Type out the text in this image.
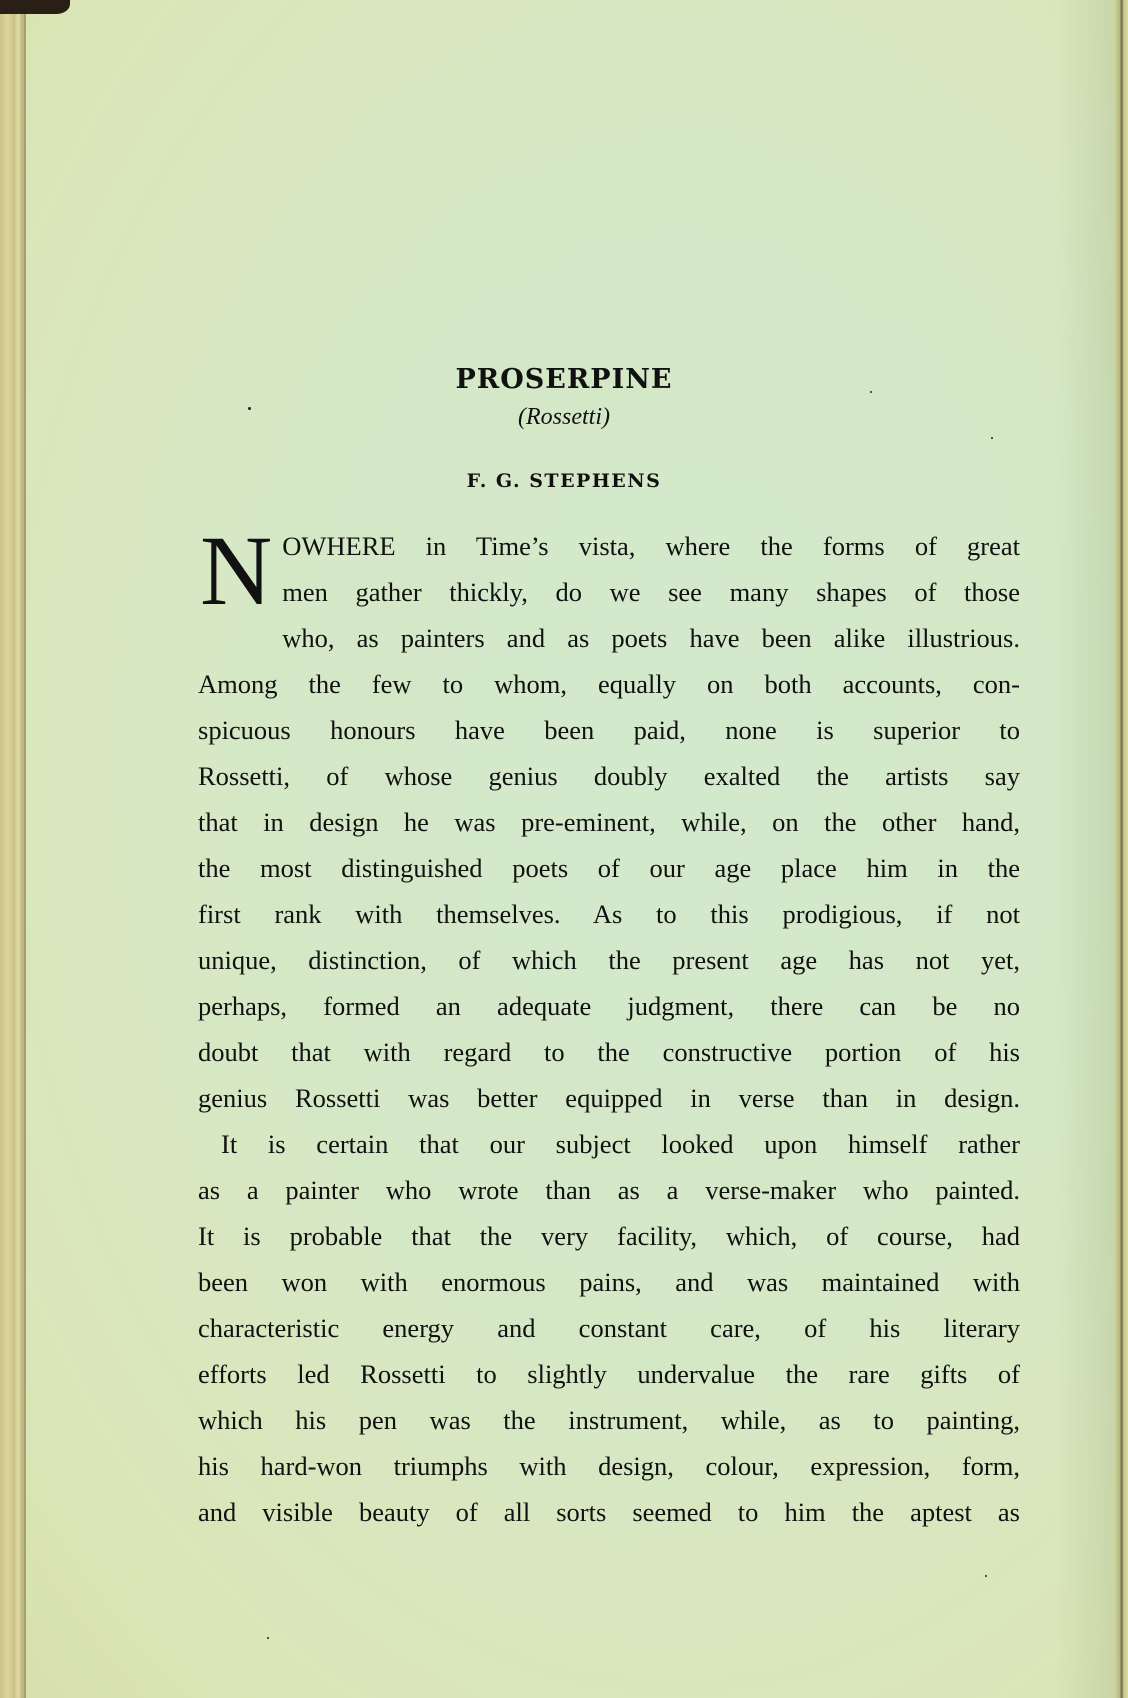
PROSERPINE
(Rossetti)
F. G. STEPHENS
N OWHERE in Time’s vista, where the forms of great
men gather thickly, do we see many shapes of those
who, as painters and as poets have been alike illustrious.
Among the few to whom, equally on both accounts, con-
spicuous honours have been paid, none is superior to
Rossetti, of whose genius doubly exalted the artists say
that in design he was pre-eminent, while, on the other hand,
the most distinguished poets of our age place him in the
first rank with themselves. As to this prodigious, if not
unique, distinction, of which the present age has not yet,
perhaps, formed an adequate judgment, there can be no
doubt that with regard to the constructive portion of his
genius Rossetti was better equipped in verse than in design.
It is certain that our subject looked upon himself rather
as a painter who wrote than as a verse-maker who painted.
It is probable that the very facility, which, of course, had
been won with enormous pains, and was maintained with
characteristic energy and constant care, of his literary
efforts led Rossetti to slightly undervalue the rare gifts of
which his pen was the instrument, while, as to painting,
his hard-won triumphs with design, colour, expression, form,
and visible beauty of all sorts seemed to him the aptest as
